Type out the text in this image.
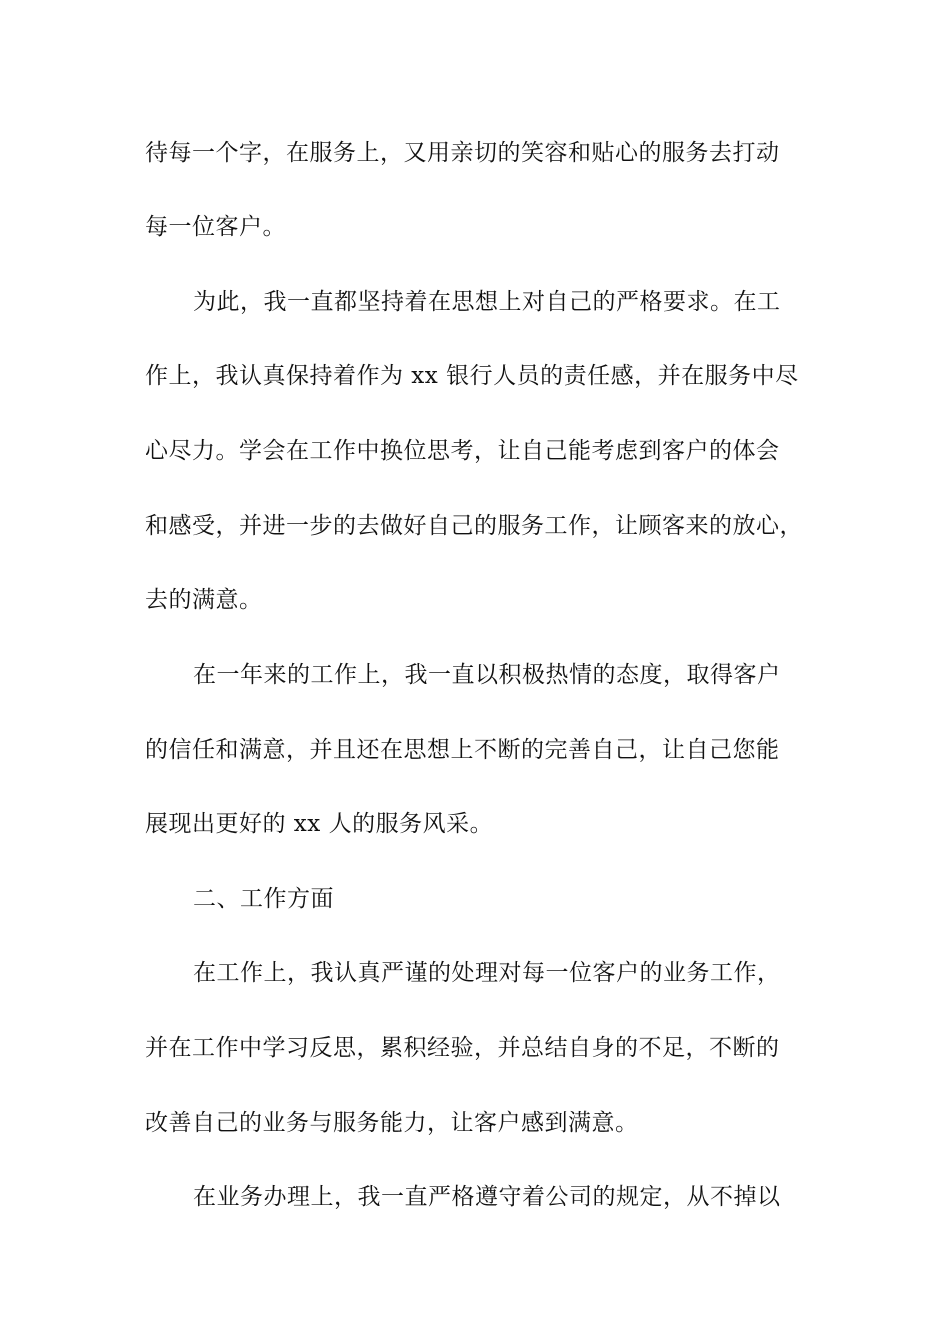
待每一个字，在服务上，又用亲切的笑容和贴心的服务去打动
每一位客户。
为此，我一直都坚持着在思想上对自己的严格要求。在工
作上，我认真保持着作为 xx 银行人员的责任感，并在服务中尽
心尽力。学会在工作中换位思考，让自己能考虑到客户的体会
和感受，并进一步的去做好自己的服务工作，让顾客来的放心，
去的满意。
在一年来的工作上，我一直以积极热情的态度，取得客户
的信任和满意，并且还在思想上不断的完善自己，让自己您能
展现出更好的 xx 人的服务风采。
二、工作方面
在工作上，我认真严谨的处理对每一位客户的业务工作，
并在工作中学习反思，累积经验，并总结自身的不足，不断的
改善自己的业务与服务能力，让客户感到满意。
在业务办理上，我一直严格遵守着公司的规定，从不掉以
